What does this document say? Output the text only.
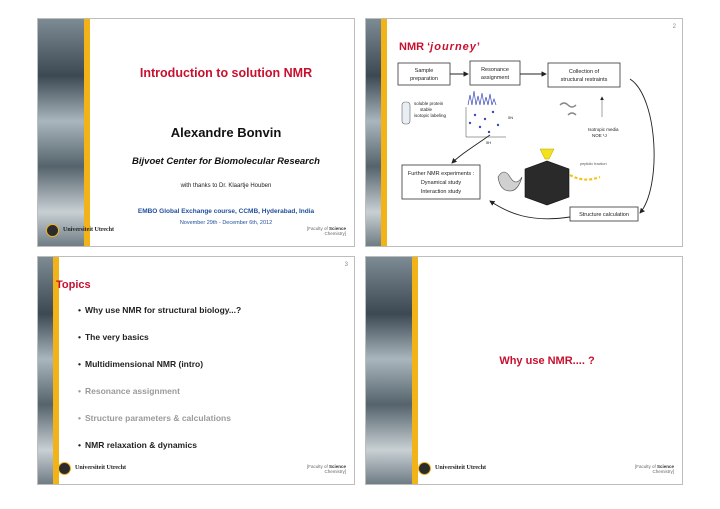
Introduction to solution NMR
Alexandre Bonvin
Bijvoet Center for Biomolecular Research
with thanks to Dr. Klaartje Houben
EMBO Global Exchange course, CCMB, Hyderabad, India
November 29th - December 6th, 2012
Universiteit Utrecht	[Faculty of Science
Chemistry]
2
NMR ‘journey’
Sample
preparation
Resonance
assignment
Collection of
structural restraints
soluble protein
stable
isotopic labeling
δH
δN
Isotropic media
NOE ¹J
Further NMR experiments :
Dynamical study
Interaction study
Structure calculation
peptidic fraction
3
Topics
• Why use NMR for structural biology...?
• The very basics
• Multidimensional NMR (intro)
• Resonance assignment
• Structure parameters & calculations
• NMR relaxation & dynamics
Universiteit Utrecht	[Faculty of Science
Chemistry]
Why use NMR.... ?
Universiteit Utrecht	[Faculty of Science
Chemistry]
